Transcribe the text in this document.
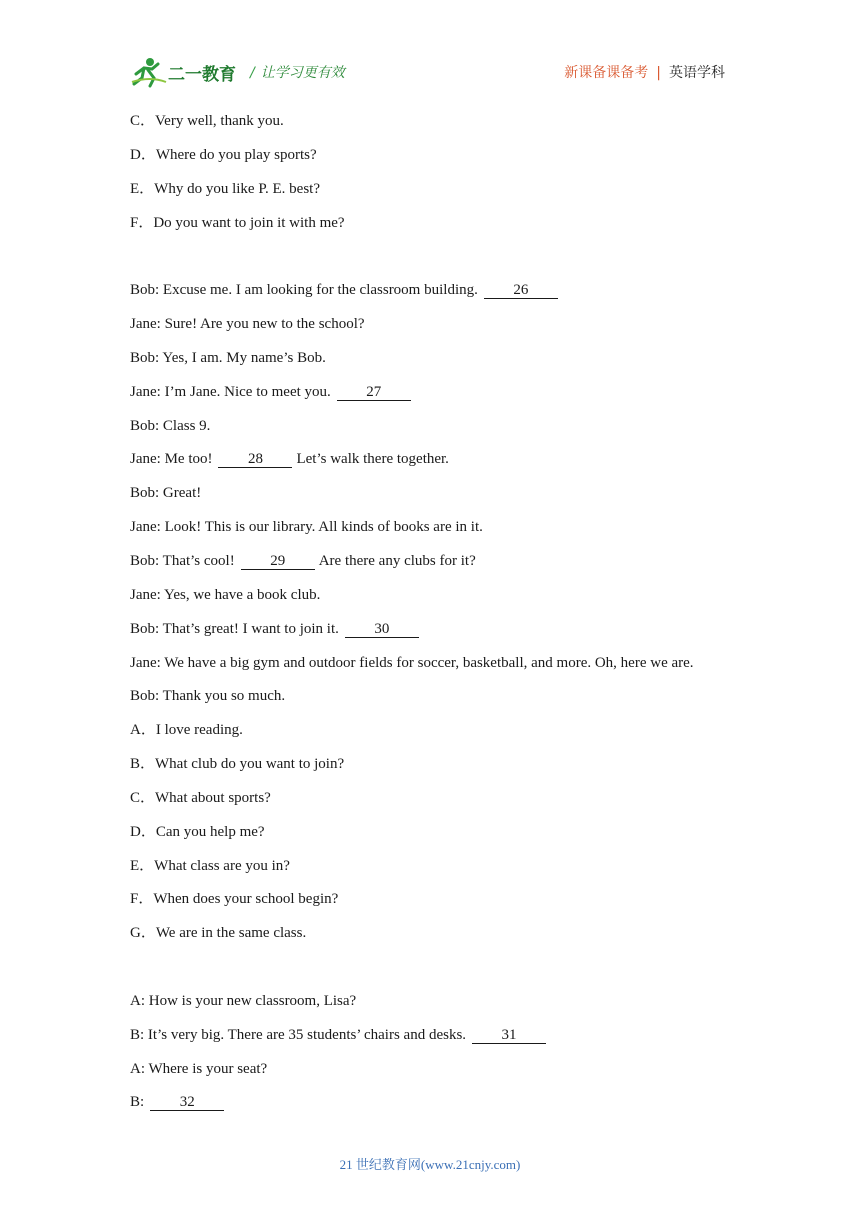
二一教育 / 让学习更有效	新课备课备考 | 英语学科
C．Very well, thank you.
D．Where do you play sports?
E．Why do you like P. E. best?
F．Do you want to join it with me?
Bob: Excuse me. I am looking for the classroom building. 26
Jane: Sure! Are you new to the school?
Bob: Yes, I am. My name’s Bob.
Jane: I’m Jane. Nice to meet you. 27
Bob: Class 9.
Jane: Me too! 28 Let’s walk there together.
Bob: Great!
Jane: Look! This is our library. All kinds of books are in it.
Bob: That’s cool! 29 Are there any clubs for it?
Jane: Yes, we have a book club.
Bob: That’s great! I want to join it. 30
Jane: We have a big gym and outdoor fields for soccer, basketball, and more. Oh, here we are.
Bob: Thank you so much.
A．I love reading.
B．What club do you want to join?
C．What about sports?
D．Can you help me?
E．What class are you in?
F．When does your school begin?
G．We are in the same class.
A: How is your new classroom, Lisa?
B: It’s very big. There are 35 students’ chairs and desks. 31
A: Where is your seat?
B: 32
21 世纪教育网(www.21cnjy.com)
